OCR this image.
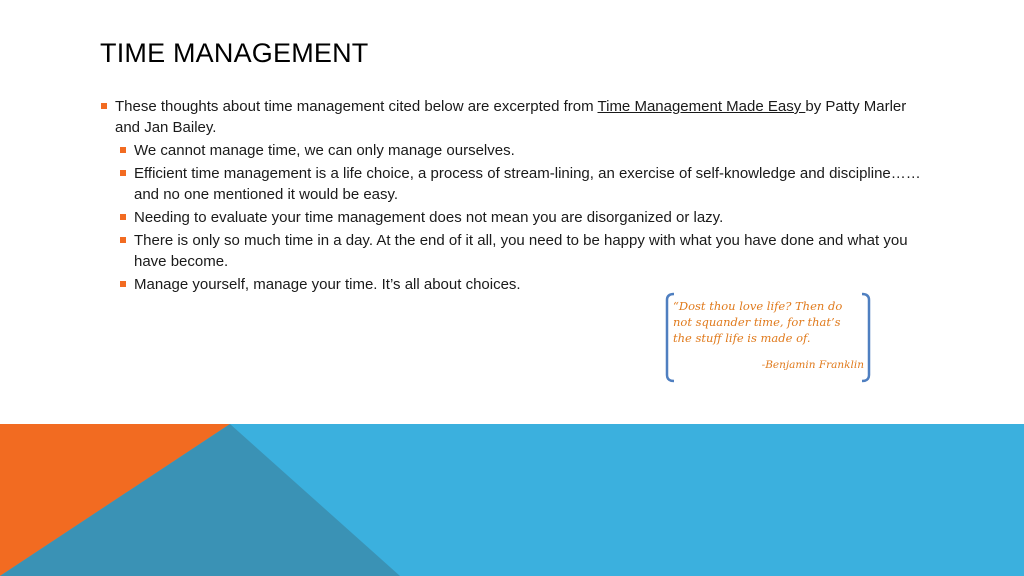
TIME MANAGEMENT
These thoughts about time management cited below are excerpted from Time Management Made Easy by Patty Marler and Jan Bailey.
We cannot manage time, we can only manage ourselves.
Efficient time management is a life choice, a process of stream-lining, an exercise of self-knowledge and discipline……and no one mentioned it would be easy.
Needing to evaluate your time management does not mean you are disorganized or lazy.
There is only so much time in a day. At the end of it all, you need to be happy with what you have done and what you have become.
Manage yourself, manage your time. It’s all about choices.
“Dost thou love life? Then do not squander time, for that’s the stuff life is made of.
-Benjamin Franklin
